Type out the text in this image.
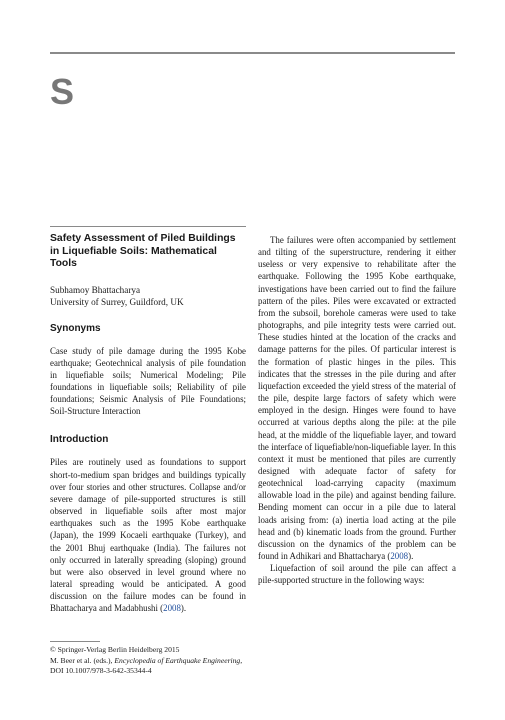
S
Safety Assessment of Piled Buildings in Liquefiable Soils: Mathematical Tools
Subhamoy Bhattacharya
University of Surrey, Guildford, UK
Synonyms

Case study of pile damage during the 1995 Kobe earthquake; Geotechnical analysis of pile foundation in liquefiable soils; Numerical Modeling; Pile foundations in liquefiable soils; Reliability of pile foundations; Seismic Analysis of Pile Foundations; Soil-Structure Interaction

Introduction

Piles are routinely used as foundations to support short-to-medium span bridges and buildings typically over four stories and other structures. Collapse and/or severe damage of pile-supported structures is still observed in liquefiable soils after most major earthquakes such as the 1995 Kobe earthquake (Japan), the 1999 Kocaeli earthquake (Turkey), and the 2001 Bhuj earthquake (India). The failures not only occurred in laterally spreading (sloping) ground but were also observed in level ground where no lateral spreading would be anticipated. A good discussion on the failure modes can be found in Bhattacharya and Madabhushi (2008).

The failures were often accompanied by settlement and tilting of the superstructure, rendering it either useless or very expensive to rehabilitate after the earthquake. Following the 1995 Kobe earthquake, investigations have been carried out to find the failure pattern of the piles. Piles were excavated or extracted from the subsoil, borehole cameras were used to take photographs, and pile integrity tests were carried out. These studies hinted at the location of the cracks and damage patterns for the piles. Of particular interest is the formation of plastic hinges in the piles. This indicates that the stresses in the pile during and after liquefaction exceeded the yield stress of the material of the pile, despite large factors of safety which were employed in the design. Hinges were found to have occurred at various depths along the pile: at the pile head, at the middle of the liquefiable layer, and toward the interface of liquefiable/non-liquefiable layer. In this context it must be mentioned that piles are currently designed with adequate factor of safety for geotechnical load-carrying capacity (maximum allowable load in the pile) and against bending failure. Bending moment can occur in a pile due to lateral loads arising from: (a) inertia load acting at the pile head and (b) kinematic loads from the ground. Further discussion on the dynamics of the problem can be found in Adhikari and Bhattacharya (2008).

Liquefaction of soil around the pile can affect a pile-supported structure in the following ways:

© Springer-Verlag Berlin Heidelberg 2015
M. Beer et al. (eds.), Encyclopedia of Earthquake Engineering,
DOI 10.1007/978-3-642-35344-4
